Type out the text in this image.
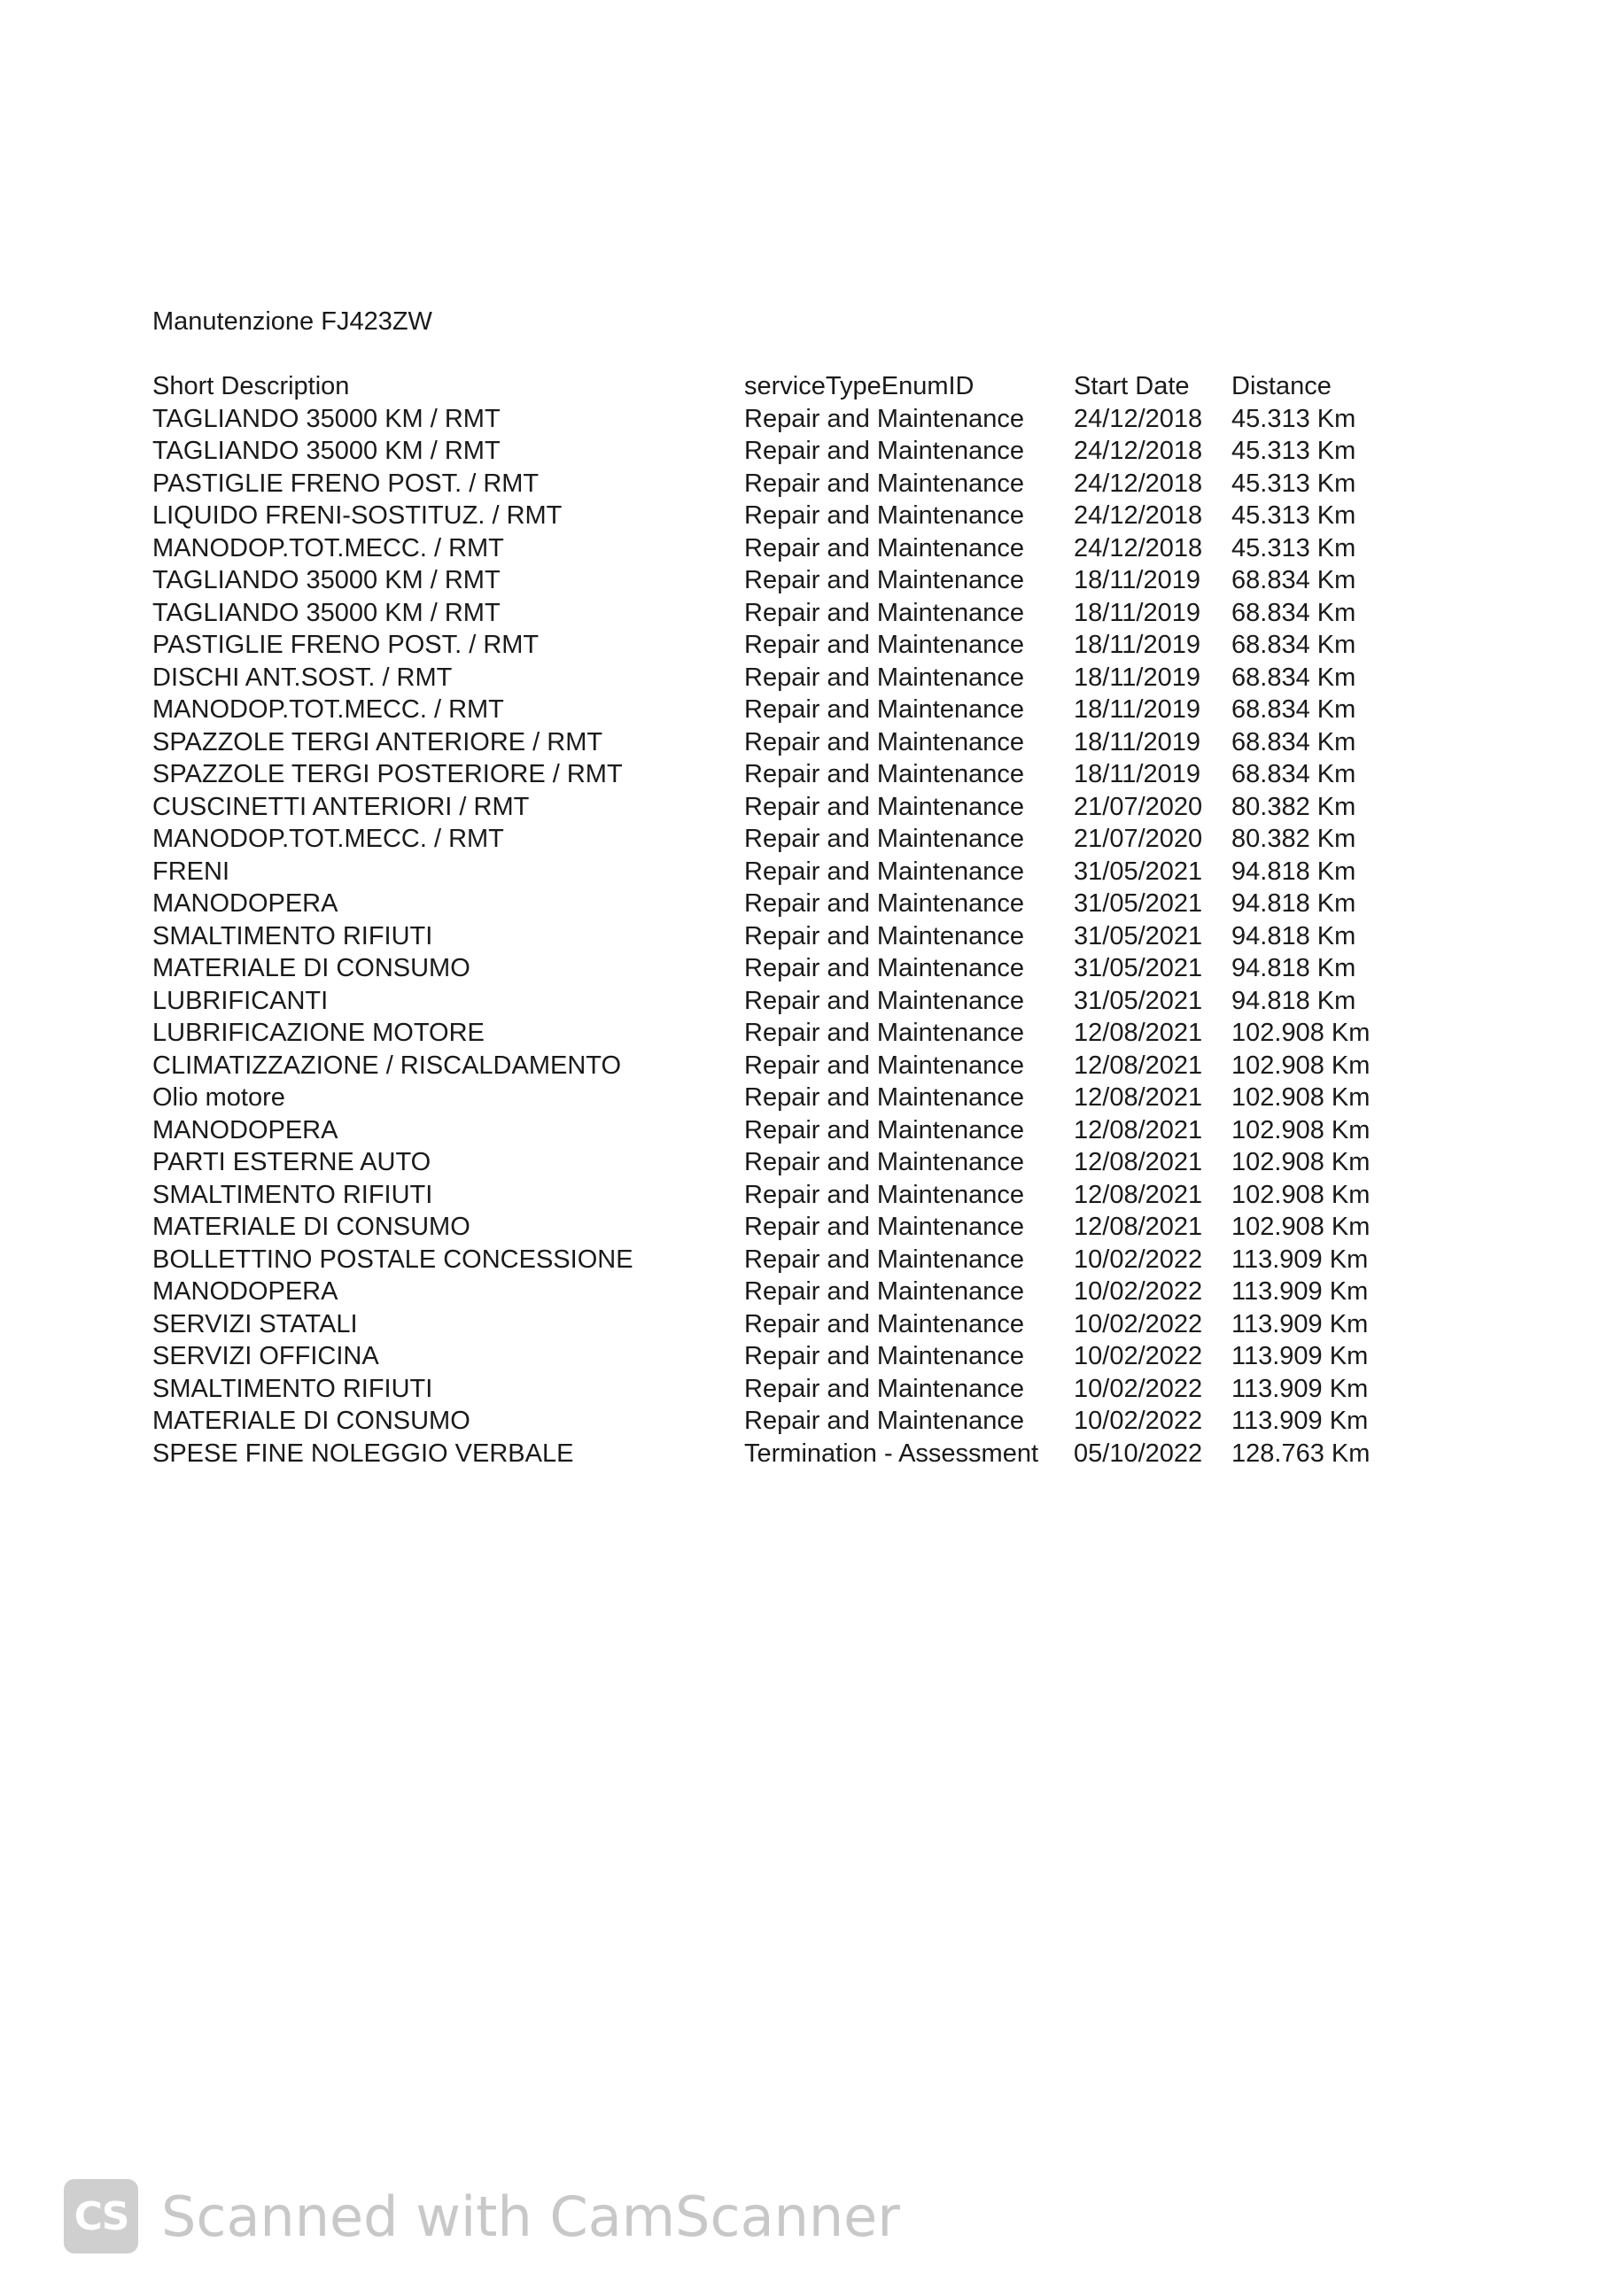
Manutenzione FJ423ZW
Short Description	serviceTypeEnumID	Start Date Distance
TAGLIANDO 35000 KM / RMT	Repair and Maintenance 24/12/2018 45.313 Km
TAGLIANDO 35000 KM / RMT	Repair and Maintenance 24/12/2018 45.313 Km
PASTIGLIE FRENO POST. / RMT	Repair and Maintenance 24/12/2018 45.313 Km
LIQUIDO FRENI-SOSTITUZ. / RMT	Repair and Maintenance 24/12/2018 45.313 Km
MANODOP.TOT.MECC. / RMT	Repair and Maintenance 24/12/2018 45.313 Km
TAGLIANDO 35000 KM / RMT	Repair and Maintenance 18/11/2019 68.834 Km
TAGLIANDO 35000 KM / RMT	Repair and Maintenance 18/11/2019 68.834 Km
PASTIGLIE FRENO POST. / RMT	Repair and Maintenance 18/11/2019 68.834 Km
DISCHI ANT.SOST. / RMT	Repair and Maintenance 18/11/2019 68.834 Km
MANODOP.TOT.MECC. / RMT	Repair and Maintenance 18/11/2019 68.834 Km
SPAZZOLE TERGI ANTERIORE / RMT	Repair and Maintenance 18/11/2019 68.834 Km
SPAZZOLE TERGI POSTERIORE / RMT	Repair and Maintenance 18/11/2019 68.834 Km
CUSCINETTI ANTERIORI / RMT	Repair and Maintenance 21/07/2020 80.382 Km
MANODOP.TOT.MECC. / RMT	Repair and Maintenance 21/07/2020 80.382 Km
FRENI	Repair and Maintenance 31/05/2021 94.818 Km
MANODOPERA	Repair and Maintenance 31/05/2021 94.818 Km
SMALTIMENTO RIFIUTI	Repair and Maintenance 31/05/2021 94.818 Km
MATERIALE DI CONSUMO	Repair and Maintenance 31/05/2021 94.818 Km
LUBRIFICANTI	Repair and Maintenance 31/05/2021 94.818 Km
LUBRIFICAZIONE MOTORE	Repair and Maintenance 12/08/2021 102.908 Km
CLIMATIZZAZIONE / RISCALDAMENTO	Repair and Maintenance 12/08/2021 102.908 Km
Olio motore	Repair and Maintenance 12/08/2021 102.908 Km
MANODOPERA	Repair and Maintenance 12/08/2021 102.908 Km
PARTI ESTERNE AUTO	Repair and Maintenance 12/08/2021 102.908 Km
SMALTIMENTO RIFIUTI	Repair and Maintenance 12/08/2021 102.908 Km
MATERIALE DI CONSUMO	Repair and Maintenance 12/08/2021 102.908 Km
BOLLETTINO POSTALE CONCESSIONE	Repair and Maintenance 10/02/2022 113.909 Km
MANODOPERA	Repair and Maintenance 10/02/2022 113.909 Km
SERVIZI STATALI	Repair and Maintenance 10/02/2022 113.909 Km
SERVIZI OFFICINA	Repair and Maintenance 10/02/2022 113.909 Km
SMALTIMENTO RIFIUTI	Repair and Maintenance 10/02/2022 113.909 Km
MATERIALE DI CONSUMO	Repair and Maintenance 10/02/2022 113.909 Km
SPESE FINE NOLEGGIO VERBALE	Termination - Assessment 05/10/2022 128.763 Km
CS Scanned with CamScanner
